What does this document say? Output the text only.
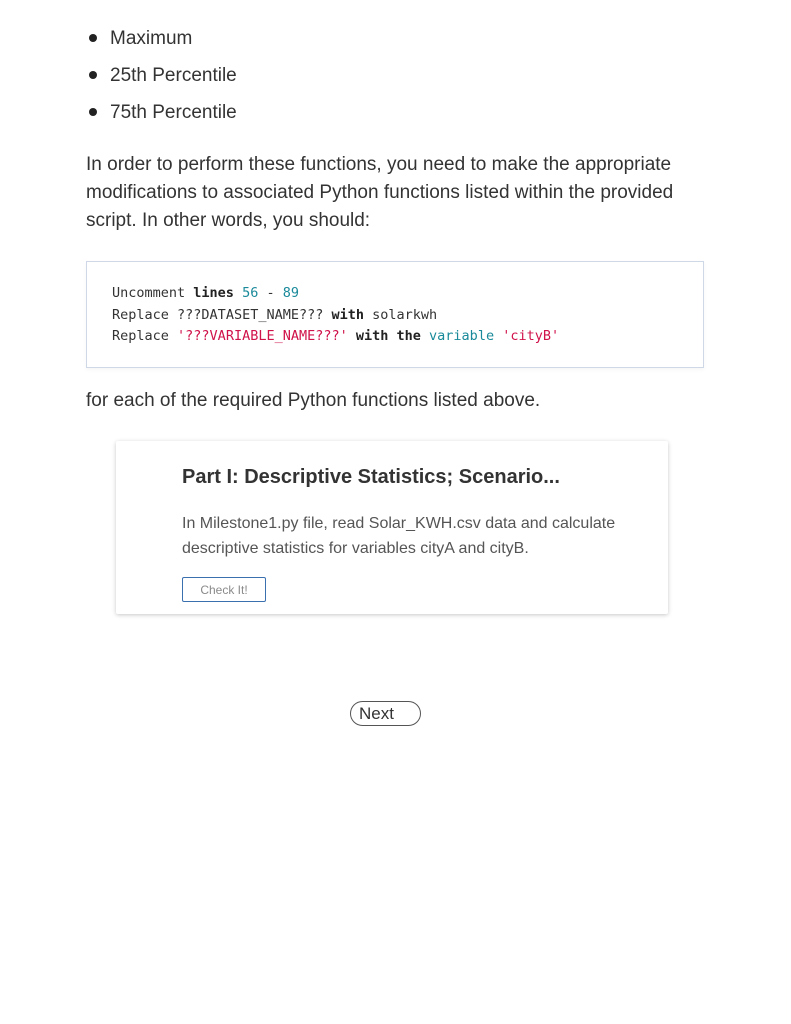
Maximum
25th Percentile
75th Percentile

In order to perform these functions, you need to make the appropriate modifications to associated Python functions listed within the provided script. In other words, you should:

Uncomment lines 56 - 89
Replace ???DATASET_NAME??? with solarkwh
Replace '???VARIABLE_NAME???' with the variable 'cityB'

for each of the required Python functions listed above.

Part I: Descriptive Statistics; Scenario...
In Milestone1.py file, read Solar_KWH.csv data and calculate descriptive statistics for variables cityA and cityB.
Check It!
Next
